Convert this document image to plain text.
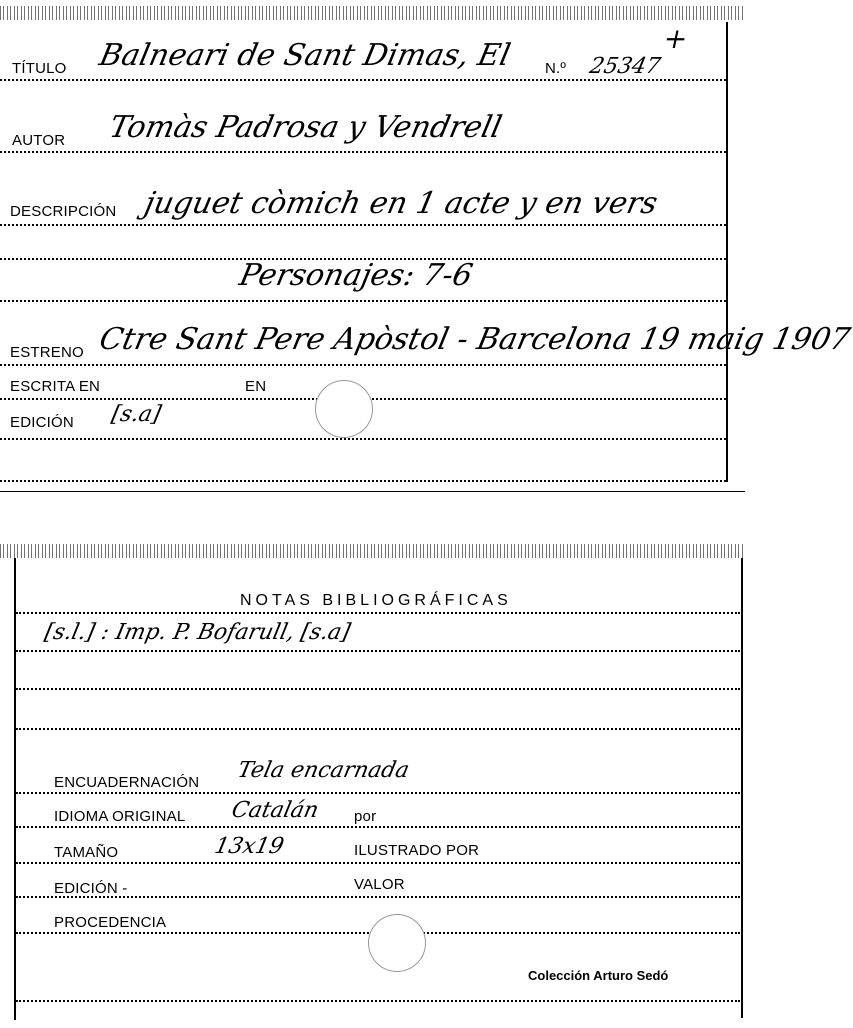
TÍTULO Balneari de Sant Dimas, El N.º 25347
+
AUTOR Tomàs Padrosa y Vendrell
DESCRIPCIÓN juguet còmich en 1 acte y en vers
Personajes: 7-6
ESTRENO Ctre Sant Pere Apòstol - Barcelona 19 maig 1907
ESCRITA EN	EN
EDICIÓN [s.a]
NOTAS BIBLIOGRÁFICAS
[s.l.] : Imp. P. Bofarull, [s.a]
ENCUADERNACIÓN Tela encarnada
IDIOMA ORIGINAL Catalán por
TAMAÑO	13x19	ILUSTRADO POR
EDICIÓN -	VALOR
PROCEDENCIA
Colección Arturo Sedó
